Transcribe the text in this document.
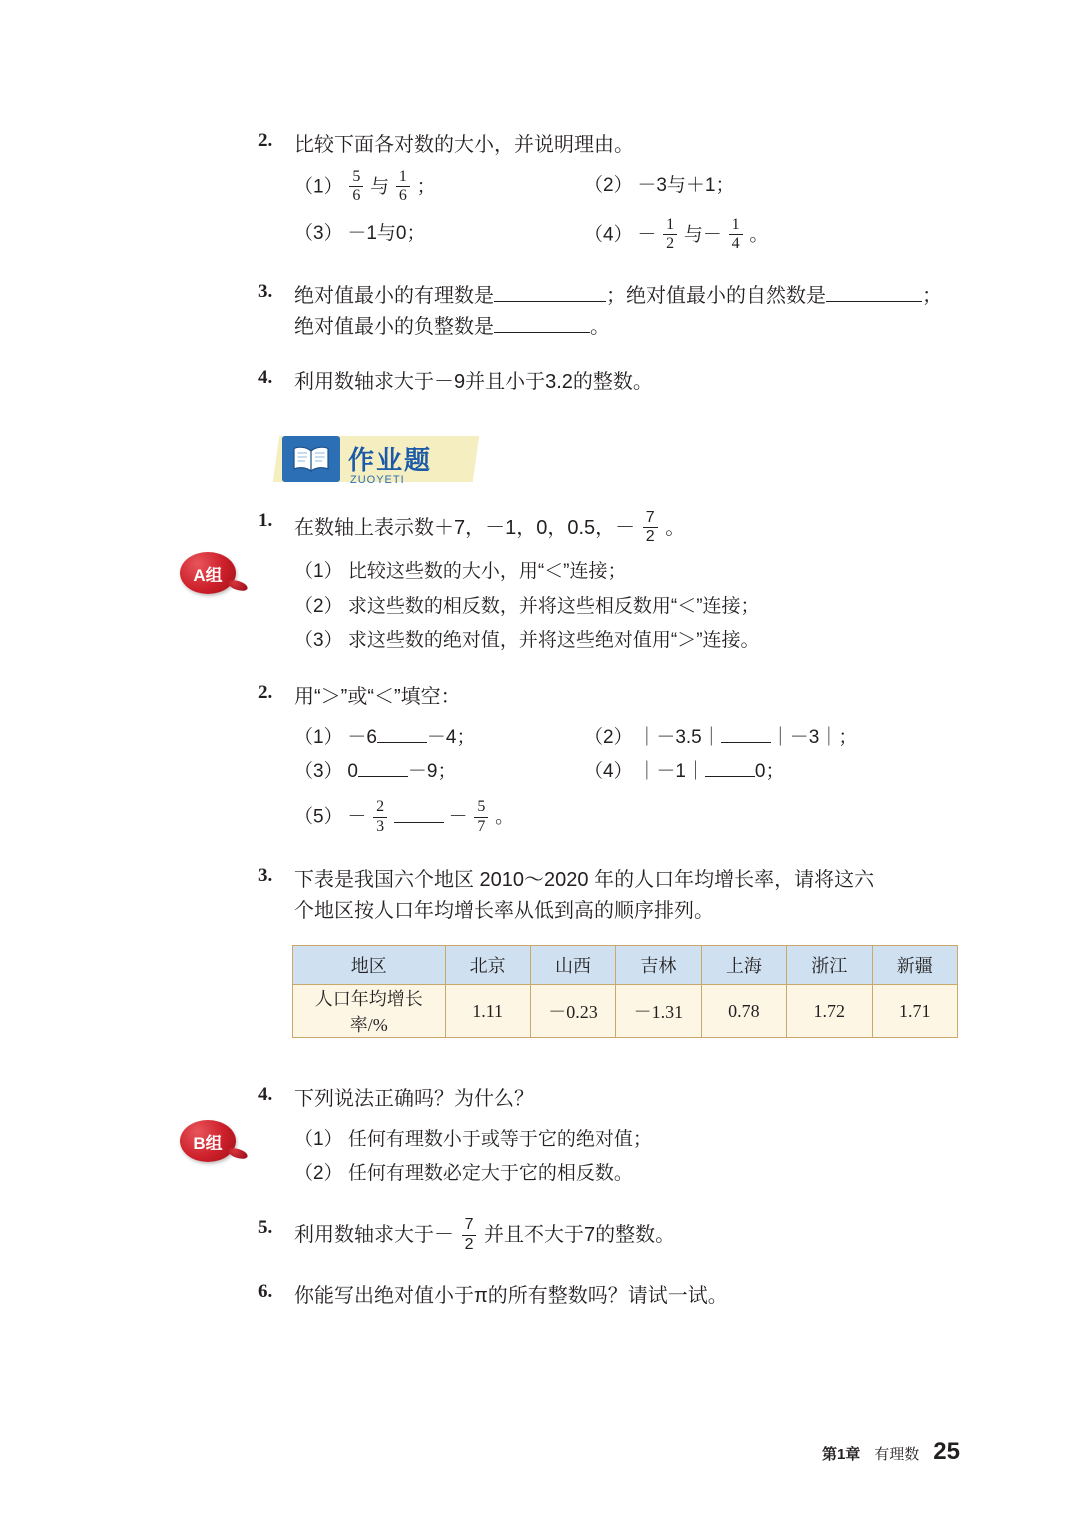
2. 比较下面各对数的大小，并说明理由。
$(1) \frac{5}{6}$ 与 $\frac{1}{6}$ ；	（2） －3与＋1；
（3） －1与0；	$(4) - \frac{1}{2}$ 与－ $\frac{1}{4}$ 。
3. 绝对值最小的有理数是	；绝对值最小的自然数是	；
绝对值最小的负整数是	。
4. 利用数轴求大于－9并且小于3.2的整数。
作业题
ZUOYETI
A组
1. 在数轴上表示数＋7，－1，0，0.5，－ $\frac{7}{2}$ 。
（1） 比较这些数的大小，用“＜”连接；
（2） 求这些数的相反数，并将这些相反数用“＜”连接；
（3） 求这些数的绝对值，并将这些绝对值用“＞”连接。
2. 用“＞”或“＜”填空：
（1） －6	－4；	（2） ｜－3.5｜	｜－3｜；
（3） 0	－9；	（4） ｜－1｜	0；
$(5) - \frac{2}{3}$	－ $\frac{5}{7}$ 。
3. 下表是我国六个地区 2010～2020 年的人口年均增长率，请将这六
个地区按人口年均增长率从低到高的顺序排列。
地区	北京	山西	吉林	上海	浙江	新疆
人口年均增长率/%	1.11	－0.23	－1.31	0.78	1.72	1.71
B组
4. 下列说法正确吗？为什么？
（1） 任何有理数小于或等于它的绝对值；
（2） 任何有理数必定大于它的相反数。
5. 利用数轴求大于－ $\frac{7}{2}$ 并且不大于7的整数。
6. 你能写出绝对值小于π的所有整数吗？请试一试。
第1章 有理数 25
